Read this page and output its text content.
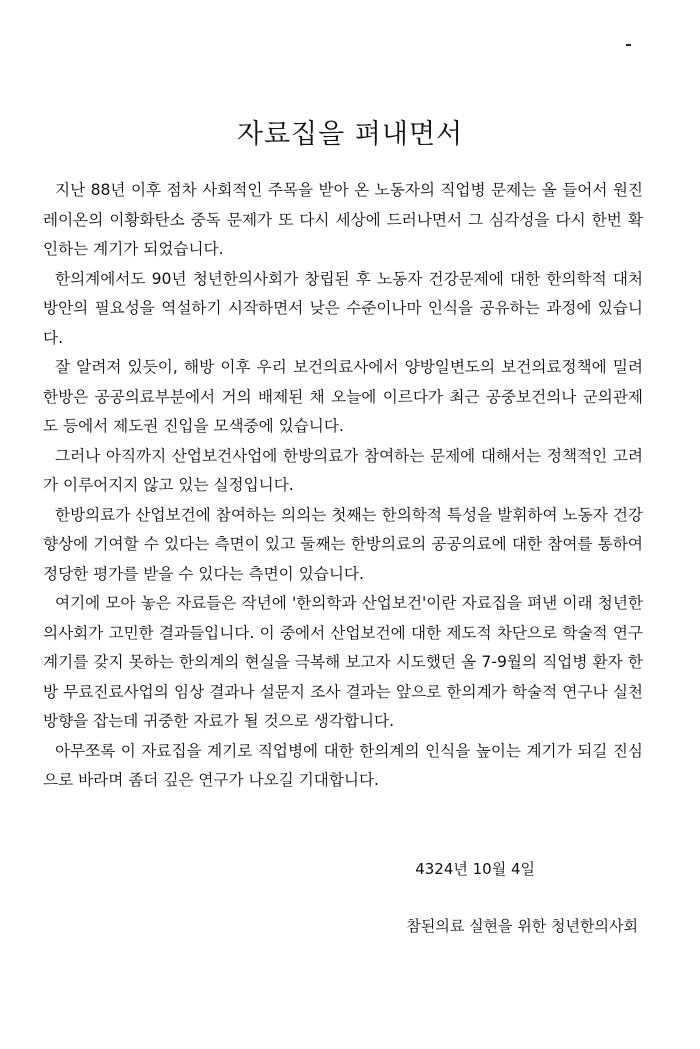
자료집을 펴내면서

지난 88년 이후 점차 사회적인 주목을 받아 온 노동자의 직업병 문제는 올 들어서 원진레이온의 이황화탄소 중독 문제가 또 다시 세상에 드러나면서 그 심각성을 다시 한번 확인하는 계기가 되었습니다.

한의계에서도 90년 청년한의사회가 창립된 후 노동자 건강문제에 대한 한의학적 대처방안의 필요성을 역설하기 시작하면서 낮은 수준이나마 인식을 공유하는 과정에 있습니다.

잘 알려져 있듯이, 해방 이후 우리 보건의료사에서 양방일변도의 보건의료정책에 밀려 한방은 공공의료부분에서 거의 배제된 채 오늘에 이르다가 최근 공중보건의나 군의관제도 등에서 제도권 진입을 모색중에 있습니다.

그러나 아직까지 산업보건사업에 한방의료가 참여하는 문제에 대해서는 정책적인 고려가 이루어지지 않고 있는 실정입니다.

한방의료가 산업보건에 참여하는 의의는 첫째는 한의학적 특성을 발휘하여 노동자 건강 향상에 기여할 수 있다는 측면이 있고 둘째는 한방의료의 공공의료에 대한 참여를 통하여 정당한 평가를 받을 수 있다는 측면이 있습니다.

여기에 모아 놓은 자료들은 작년에 '한의학과 산업보건'이란 자료집을 펴낸 이래 청년한의사회가 고민한 결과들입니다. 이 중에서 산업보건에 대한 제도적 차단으로 학술적 연구 계기를 갖지 못하는 한의계의 현실을 극복해 보고자 시도했던 올 7-9월의 직업병 환자 한방 무료진료사업의 임상 결과나 설문지 조사 결과는 앞으로 한의계가 학술적 연구나 실천방향을 잡는데 귀중한 자료가 될 것으로 생각합니다.

아무쪼록 이 자료집을 계기로 직업병에 대한 한의계의 인식을 높이는 계기가 되길 진심으로 바라며 좀더 깊은 연구가 나오길 기대합니다.

4324년 10월 4일
참된의료 실현을 위한 청년한의사회
